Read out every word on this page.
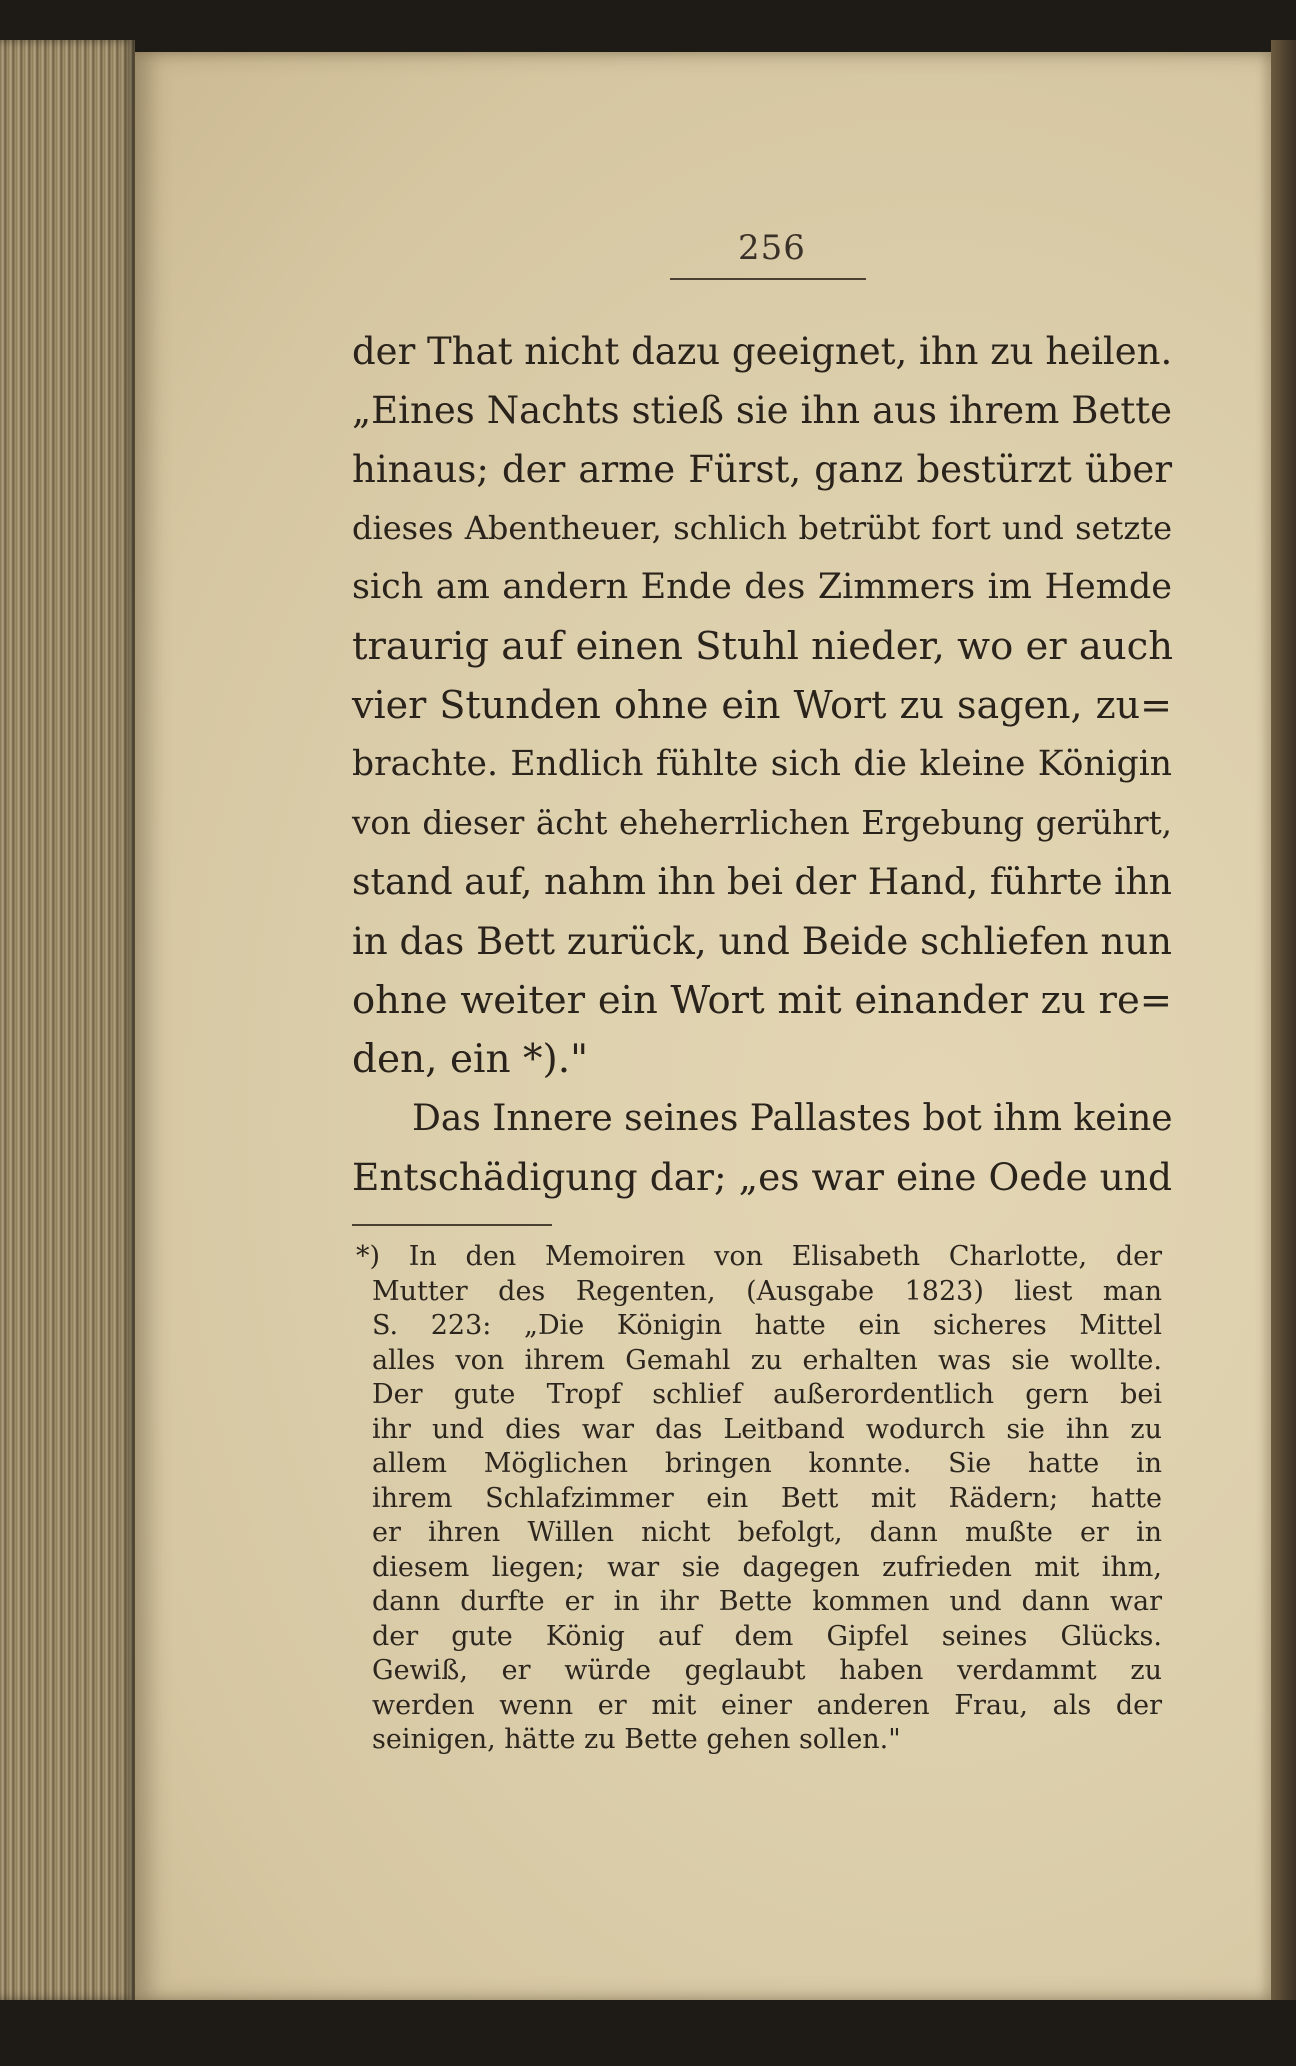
256
der That nicht dazu geeignet, ihn zu heilen.
„Eines Nachts stieß sie ihn aus ihrem Bette
hinaus; der arme Fürst, ganz bestürzt über
dieses Abentheuer, schlich betrübt fort und setzte
sich am andern Ende des Zimmers im Hemde
traurig auf einen Stuhl nieder, wo er auch
vier Stunden ohne ein Wort zu sagen, zu=
brachte. Endlich fühlte sich die kleine Königin
von dieser ächt eheherrlichen Ergebung gerührt,
stand auf, nahm ihn bei der Hand, führte ihn
in das Bett zurück, und Beide schliefen nun
ohne weiter ein Wort mit einander zu re=
den, ein *)."
Das Innere seines Pallastes bot ihm keine
Entschädigung dar; „es war eine Oede und
*) In den Memoiren von Elisabeth Charlotte, der
Mutter des Regenten, (Ausgabe 1823) liest man
S. 223: „Die Königin hatte ein sicheres Mittel
alles von ihrem Gemahl zu erhalten was sie wollte.
Der gute Tropf schlief außerordentlich gern bei
ihr und dies war das Leitband wodurch sie ihn zu
allem Möglichen bringen konnte. Sie hatte in
ihrem Schlafzimmer ein Bett mit Rädern; hatte
er ihren Willen nicht befolgt, dann mußte er in
diesem liegen; war sie dagegen zufrieden mit ihm,
dann durfte er in ihr Bette kommen und dann war
der gute König auf dem Gipfel seines Glücks.
Gewiß, er würde geglaubt haben verdammt zu
werden wenn er mit einer anderen Frau, als der
seinigen, hätte zu Bette gehen sollen."
